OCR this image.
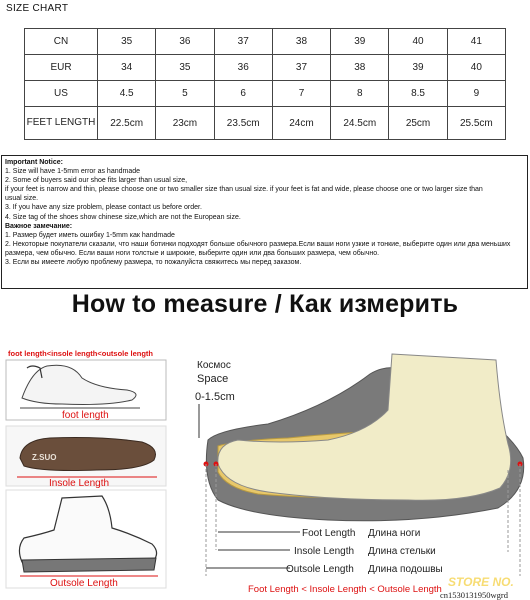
SIZE CHART
CN	35	36	37	38	39	40	41
EUR	34	35	36	37	38	39	40
US	4.5	5	6	7	8	8.5	9
FEET LENGTH	22.5cm	23cm	23.5cm	24cm	24.5cm	25cm	25.5cm
Important Notice:
1. Size will have 1-5mm error as handmade
2. Some of buyers said our shoe fits larger than usual size,
if your feet is narrow and thin, please choose one or two smaller size than usual size. if your feet is fat and wide, please choose one or two larger size than
usual size.
3. If you have any size problem, please contact us before order.
4. Size tag of the shoes show chinese size,which are not the European size.
Важное замечание:
1. Размер будет иметь ошибку 1-5mm как handmade
2. Некоторые покупатели сказали, что наши ботинки подходят больше обычного размера.Если ваши ноги узкие и тонкие, выберите один или два меньших размера, чем обычно. Если ваши ноги толстые и широкие, выберите один или два больших размера, чем обычно.
3. Если вы имеете любую проблему размера, то пожалуйста свяжитесь мы перед заказом.
How to measure / Как измерить
foot length<insole length<outsole length
foot length
Z.SUO
Insole Length
Outsole Length
Космос
Space
0-1.5cm
Foot Length Длина ноги
Insole Length Длина стельки
Outsole Length Длина подошвы
Foot Length < Insole Length < Outsole Length
STORE NO.
cn1530131950wgrd
